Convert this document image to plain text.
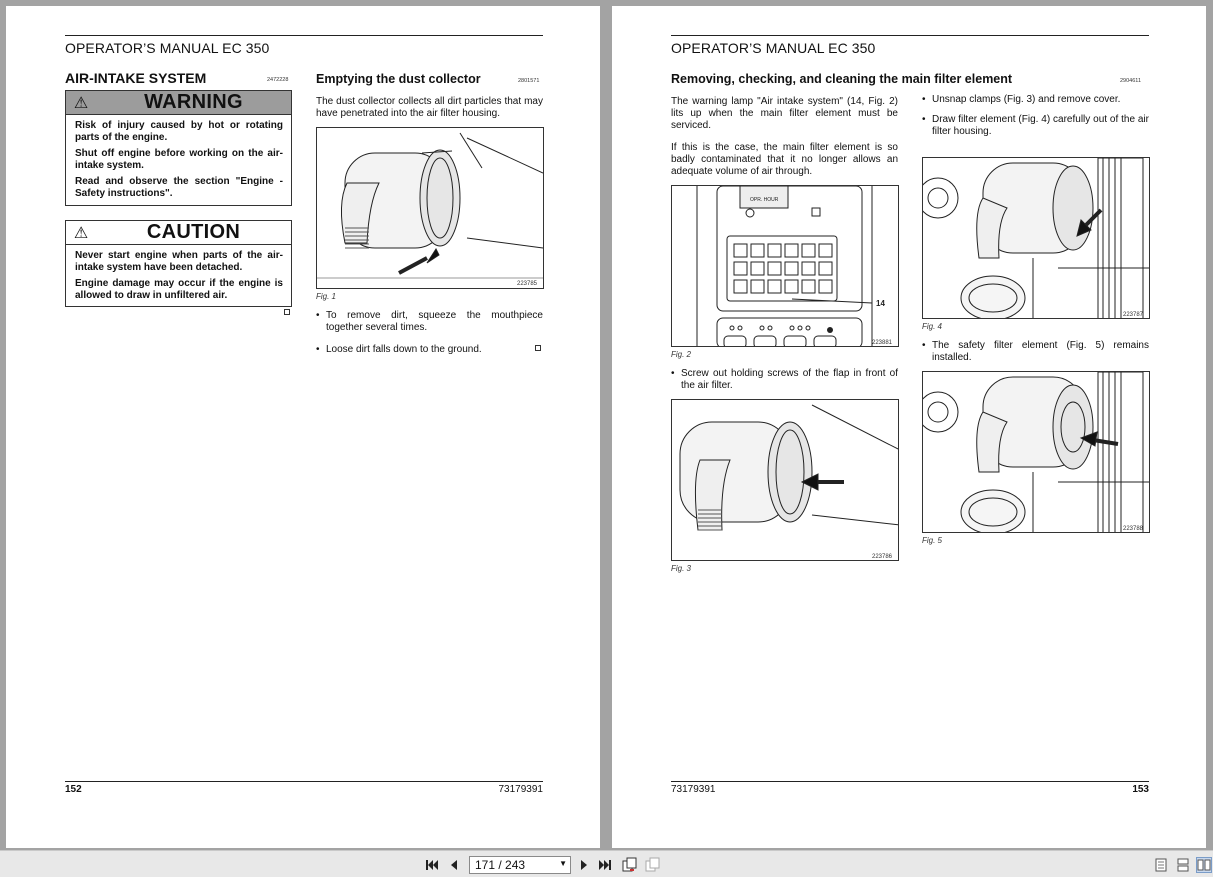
OPERATOR’S MANUAL EC 350
AIR-INTAKE SYSTEM	2472228
⚠	WARNING

Risk of injury caused by hot or rotating parts of the engine.

Shut off engine before working on the air-intake system.

Read and observe the section "Engine - Safety instructions".

⚠	CAUTION

Never start engine when parts of the air-intake system have been detached.

Engine damage may occur if the engine is allowed to draw in unfiltered air.

Emptying the dust collector	2801571
The dust collector collects all dirt particles that may have penetrated into the air filter housing.
223785
Fig. 1
• To remove dirt, squeeze the mouthpiece together several times.
• Loose dirt falls down to the ground.
152	73179391
OPERATOR’S MANUAL EC 350
Removing, checking, and cleaning the main filter element	2904611

The warning lamp "Air intake system" (14, Fig. 2) lits up when the main filter element must be serviced.

If this is the case, the main filter element is so badly contaminated that it no longer allows an adequate volume of air through.

OPR. HOUR
14
223881
Fig. 2
• Screw out holding screws of the flap in front of the air filter.
223786
Fig. 3
• Unsnap clamps (Fig. 3) and remove cover.
• Draw filter element (Fig. 4) carefully out of the air filter housing.
223787
Fig. 4
• The safety filter element (Fig. 5) remains installed.
223788
Fig. 5
73179391	153
171 / 243	▼
